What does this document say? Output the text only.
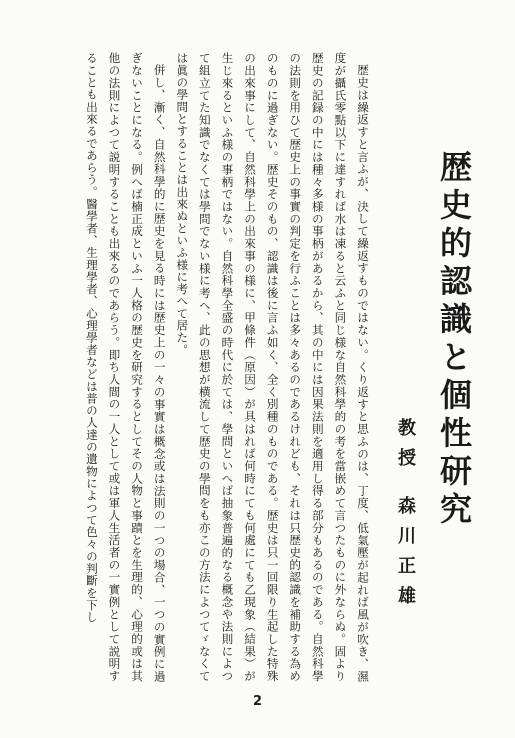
歴史的認識と個性研究
教授 森川正雄

歴史は繰返すと言ふが、決して繰返すものではない。くり返すと思ふのは、丁度、低氣壓が起れば風が吹き、濕度が攝氏零點以下に達すれば水は凍ると云ふと同じ様な自然科學的の考を當嵌めて言つたものに外ならぬ。固より歴史の記録の中には種々多様の事柄があるから、其の中には因果法則を適用し得る部分もあるのである。自然科學の法則を用ひて歴史上の事實の判定を行ふことは多々あるのであるけれども、それは只歴史的認識を補助する為めのものに過ぎない。歴史そのもの、認識は後に言ふ如く、全く別種のものである。歴史は只一回限り生起した特殊の出來事にして、自然科學上の出來事の様に、甲條件（原因）が具はれば何時にても何處にても乙現象（結果）が生じ來るといふ様の事柄ではない。自然科學全盛の時代に於ては、學問といへば抽象普遍的なる概念や法則によつて組立てた知識でなくては學問でない様に考へ、此の思想が横流して歴史の學問をも亦この方法によつてゞなくては眞の學問とすることは出來ぬといふ様に考へて居た。

併し、漸く、自然科學的に歴史を見る時には歴史上の一々の事實は概念或は法則の一つの場合、一つの實例に過ぎないことになる。例へば楠正成といふ一人格の歴史を研究するとしてその人物と事蹟とを生理的、心理的或は其他の法則によつて説明することも出來るのであらう。即ち人間の一人として或は軍人生活者の一實例として説明することも出來るであらう。醫學者、生理學者、心理學者などは普の人達の遺物によつて色々の判斷を下し

2
